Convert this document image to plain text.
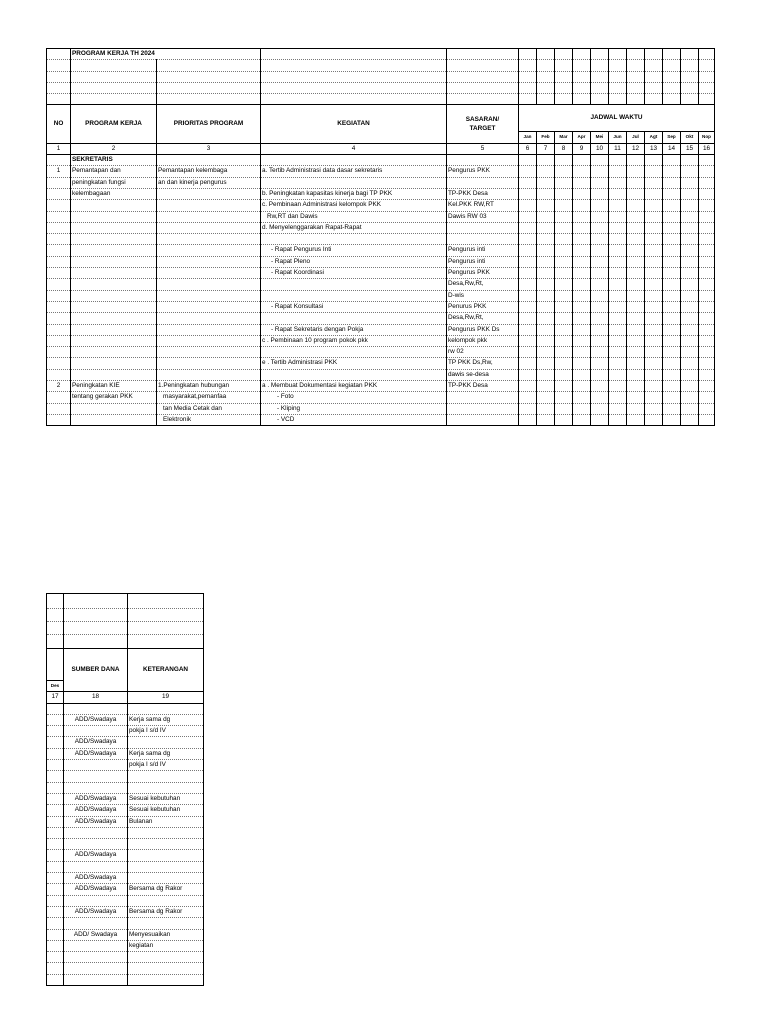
	PROGRAM KERJA TH 2024														

NO	PROGRAM KERJA	PRIORITAS PROGRAM	KEGIATAN	SASARAN/
TARGET	JADWAL WAKTU										
					Jan	Feb	Mar	Apr	Mei	Jun	Jul	Agt	Sep	Okt	Nop
1	2	3	4	5	6	7	8	9	10	11	12	13	14	15	16
	SEKRETARIS														
1	Pemantapan dan	Pemantapan kelembaga	a. Tertib Administrasi data dasar sekretaris	Pengurus PKK											
	peningkatan fungsi	an dan kinerja pengurus													
	kelembagaan		b. Peningkatan kapasitas kinerja bagi TP PKK	TP-PKK Desa											
			c. Pembinaan Administrasi kelompok PKK	Kel.PKK RW,RT											
			Rw,RT dan Dawis	Dawis RW 03											
			d. Menyelenggarakan Rapat-Rapat												

			- Rapat Pengurus Inti	Pengurus inti											
			- Rapat Pleno	Pengurus inti											
			- Rapat Koordinasi	Pengurus PKK											
				Desa,Rw,Rt,											
				D-wis											
			- Rapat Konsultasi	Penurus PKK											
				Desa,Rw,Rt,											
			- Rapat Sekretaris dengan Pokja	Pengurus PKK Ds											
			c . Pembinaan 10 program pokok pkk	kelompok pkk											
				rw 02											
			e . Tertib Administrasi PKK	TP PKK Ds,Rw,											
				dawis se-desa											
2	Peningkatan KIE	1.Peningkatan hubungan	a . Membuat Dokumentasi kegiatan PKK	TP-PKK Desa											
	tentang gerakan PKK	masyarakat,pemanfaa	- Foto												
		tan Media Cetak dan	- Kliping												
		Elektronik	- VCD												

	SUMBER DANA	KETERANGAN
Des		
17	18	19

	ADD/Swadaya	Kerja sama dg
		pokja I s/d IV
	ADD/Swadaya	
	ADD/Swadaya	Kerja sama dg
		pokja I s/d IV

	ADD/Swadaya	Sesuai kebutuhan
	ADD/Swadaya	Sesuai kebutuhan
	ADD/Swadaya	Bulanan

	ADD/Swadaya	

	ADD/Swadaya	
	ADD/Swadaya	Bersama dg Rakor

	ADD/Swadaya	Bersama dg Rakor

	ADD/ Swadaya	Menyesuaikan
		kegiatan
